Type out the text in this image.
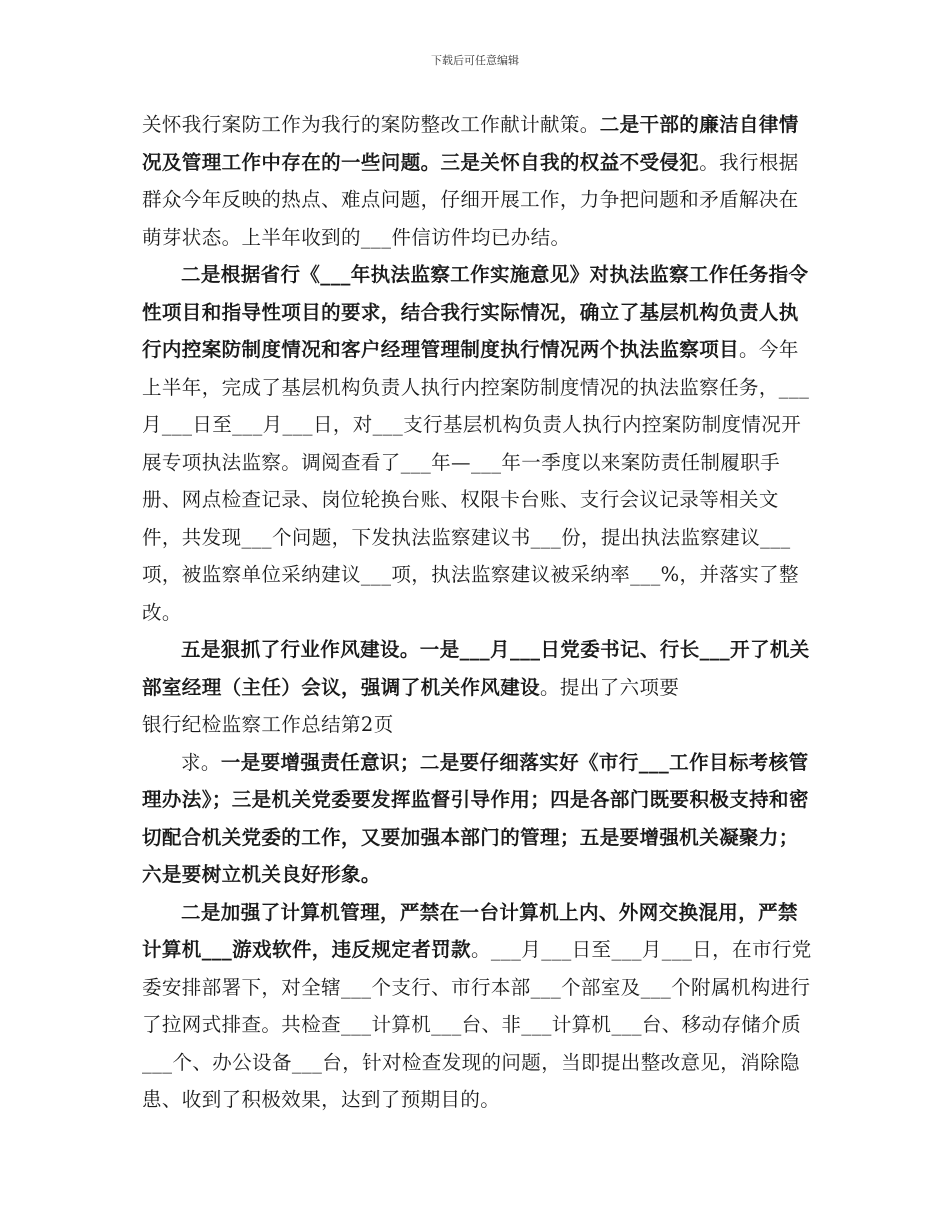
下载后可任意编辑

关怀我行案防工作为我行的案防整改工作献计献策。二是干部的廉洁自律情况及管理工作中存在的一些问题。三是关怀自我的权益不受侵犯。我行根据群众今年反映的热点、难点问题，仔细开展工作，力争把问题和矛盾解决在萌芽状态。上半年收到的___件信访件均已办结。

二是根据省行《___年执法监察工作实施意见》对执法监察工作任务指令性项目和指导性项目的要求，结合我行实际情况，确立了基层机构负责人执行内控案防制度情况和客户经理管理制度执行情况两个执法监察项目。今年上半年，完成了基层机构负责人执行内控案防制度情况的执法监察任务，___月___日至___月___日，对___支行基层机构负责人执行内控案防制度情况开展专项执法监察。调阅查看了___年—___年一季度以来案防责任制履职手册、网点检查记录、岗位轮换台账、权限卡台账、支行会议记录等相关文件，共发现___个问题，下发执法监察建议书___份，提出执法监察建议___项，被监察单位采纳建议___项，执法监察建议被采纳率___%，并落实了整改。

五是狠抓了行业作风建设。一是___月___日党委书记、行长___开了机关部室经理（主任）会议，强调了机关作风建设。提出了六项要

银行纪检监察工作总结第2页

求。一是要增强责任意识；二是要仔细落实好《市行___工作目标考核管理办法》；三是机关党委要发挥监督引导作用；四是各部门既要积极支持和密切配合机关党委的工作，又要加强本部门的管理；五是要增强机关凝聚力；六是要树立机关良好形象。

二是加强了计算机管理，严禁在一台计算机上内、外网交换混用，严禁计算机___游戏软件，违反规定者罚款。___月___日至___月___日，在市行党委安排部署下，对全辖___个支行、市行本部___个部室及___个附属机构进行了拉网式排查。共检查___计算机___台、非___计算机___台、移动存储介质___个、办公设备___台，针对检查发现的问题，当即提出整改意见，消除隐患、收到了积极效果，达到了预期目的。
